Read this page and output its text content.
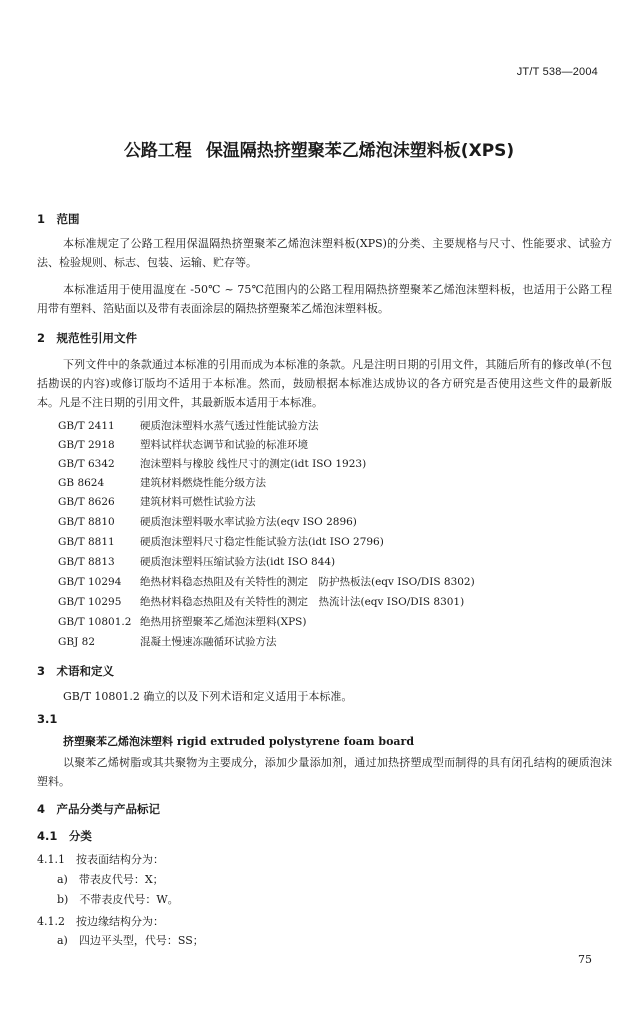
JT/T 538—2004
公路工程 保温隔热挤塑聚苯乙烯泡沫塑料板(XPS)
1　范围
本标准规定了公路工程用保温隔热挤塑聚苯乙烯泡沫塑料板(XPS)的分类、主要规格与尺寸、性能要求、试验方法、检验规则、标志、包装、运输、贮存等。
本标准适用于使用温度在 -50℃ ~ 75℃范围内的公路工程用隔热挤塑聚苯乙烯泡沫塑料板，也适用于公路工程用带有塑料、箔贴面以及带有表面涂层的隔热挤塑聚苯乙烯泡沫塑料板。
2　规范性引用文件
下列文件中的条款通过本标准的引用而成为本标准的条款。凡是注明日期的引用文件，其随后所有的修改单(不包括勘误的内容)或修订版均不适用于本标准。然而，鼓励根据本标准达成协议的各方研究是否使用这些文件的最新版本。凡是不注日期的引用文件，其最新版本适用于本标准。
GB/T 2411 硬质泡沫塑料水蒸气透过性能试验方法
GB/T 2918 塑料试样状态调节和试验的标准环境
GB/T 6342 泡沫塑料与橡胶 线性尺寸的测定(idt ISO 1923)
GB 8624	建筑材料燃烧性能分级方法
GB/T 8626 建筑材料可燃性试验方法
GB/T 8810 硬质泡沫塑料吸水率试验方法(eqv ISO 2896)
GB/T 8811 硬质泡沫塑料尺寸稳定性能试验方法(idt ISO 2796)
GB/T 8813 硬质泡沫塑料压缩试验方法(idt ISO 844)
GB/T 10294 绝热材料稳态热阻及有关特性的测定　防护热板法(eqv ISO/DIS 8302)
GB/T 10295 绝热材料稳态热阻及有关特性的测定　热流计法(eqv ISO/DIS 8301)
GB/T 10801.2 绝热用挤塑聚苯乙烯泡沫塑料(XPS)
GBJ 82	混凝土慢速冻融循环试验方法
3　术语和定义
GB/T 10801.2 确立的以及下列术语和定义适用于本标准。
3.1
挤塑聚苯乙烯泡沫塑料 rigid extruded polystyrene foam board
以聚苯乙烯树脂或其共聚物为主要成分，添加少量添加剂，通过加热挤塑成型而制得的具有闭孔结构的硬质泡沫塑料。
4　产品分类与产品标记
4.1　分类
4.1.1　按表面结构分为：
a)　带表皮代号：X；
b)　不带表皮代号：W。
4.1.2　按边缘结构分为：
a)　四边平头型，代号：SS；
75
